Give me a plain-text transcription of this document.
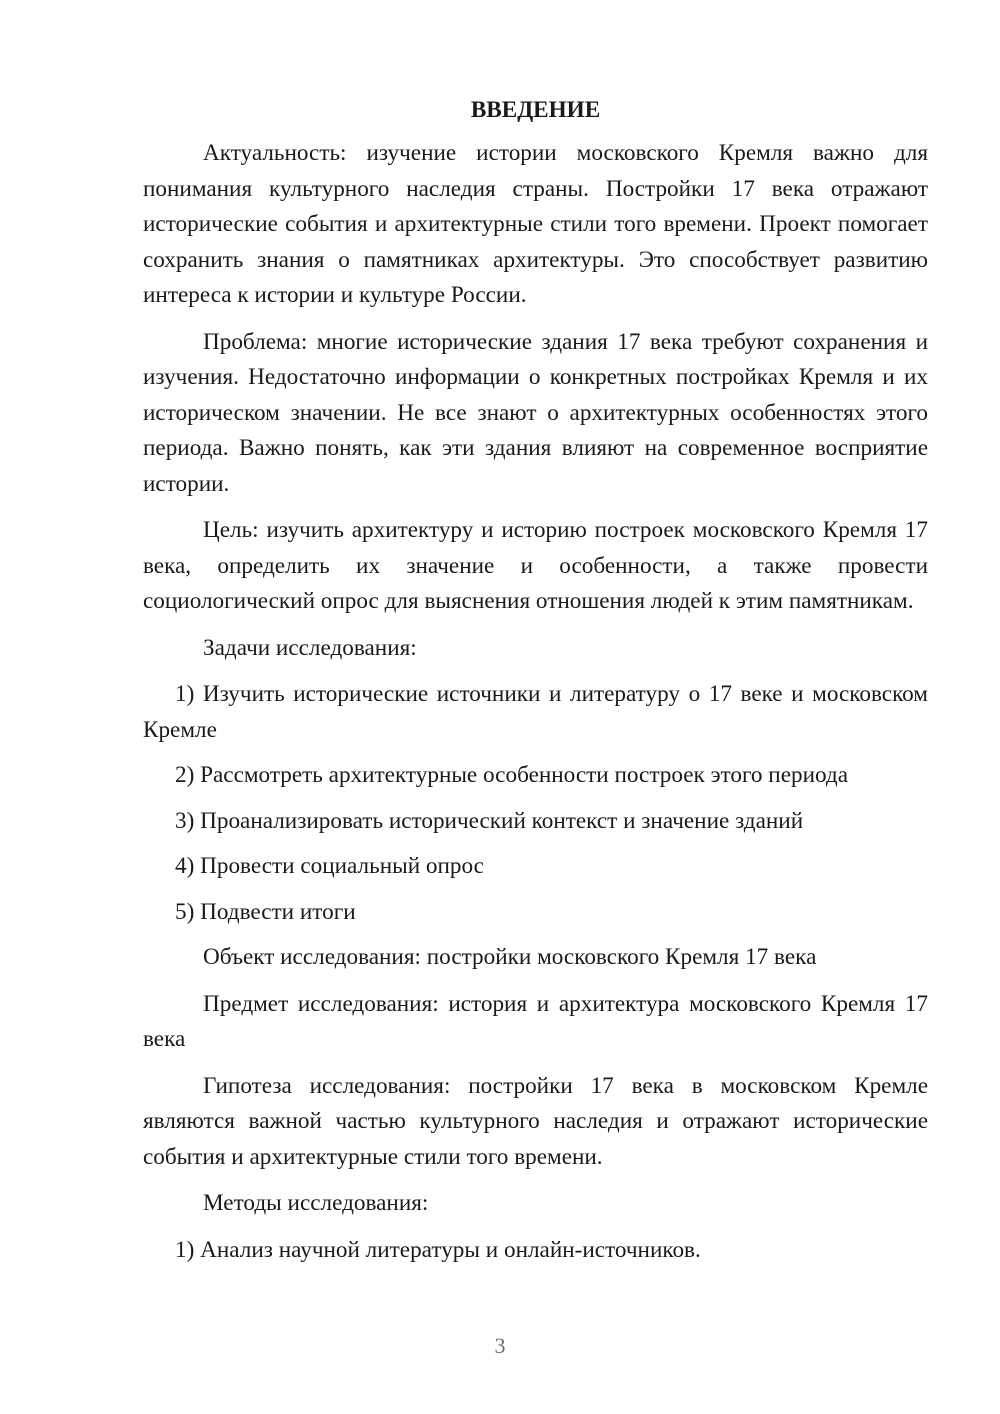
ВВЕДЕНИЕ

Актуальность: изучение истории московского Кремля важно для понимания культурного наследия страны. Постройки 17 века отражают исторические события и архитектурные стили того времени. Проект помогает сохранить знания о памятниках архитектуры. Это способствует развитию интереса к истории и культуре России.

Проблема: многие исторические здания 17 века требуют сохранения и изучения. Недостаточно информации о конкретных постройках Кремля и их историческом значении. Не все знают о архитектурных особенностях этого периода. Важно понять, как эти здания влияют на современное восприятие истории.

Цель: изучить архитектуру и историю построек московского Кремля 17 века, определить их значение и особенности, а также провести социологический опрос для выяснения отношения людей к этим памятникам.

Задачи исследования:

1) Изучить исторические источники и литературу о 17 веке и московском Кремле

2) Рассмотреть архитектурные особенности построек этого периода

3) Проанализировать исторический контекст и значение зданий

4) Провести социальный опрос

5) Подвести итоги

Объект исследования: постройки московского Кремля 17 века

Предмет исследования: история и архитектура московского Кремля 17 века

Гипотеза исследования: постройки 17 века в московском Кремле являются важной частью культурного наследия и отражают исторические события и архитектурные стили того времени.

Методы исследования:

1) Анализ научной литературы и онлайн-источников.

3
